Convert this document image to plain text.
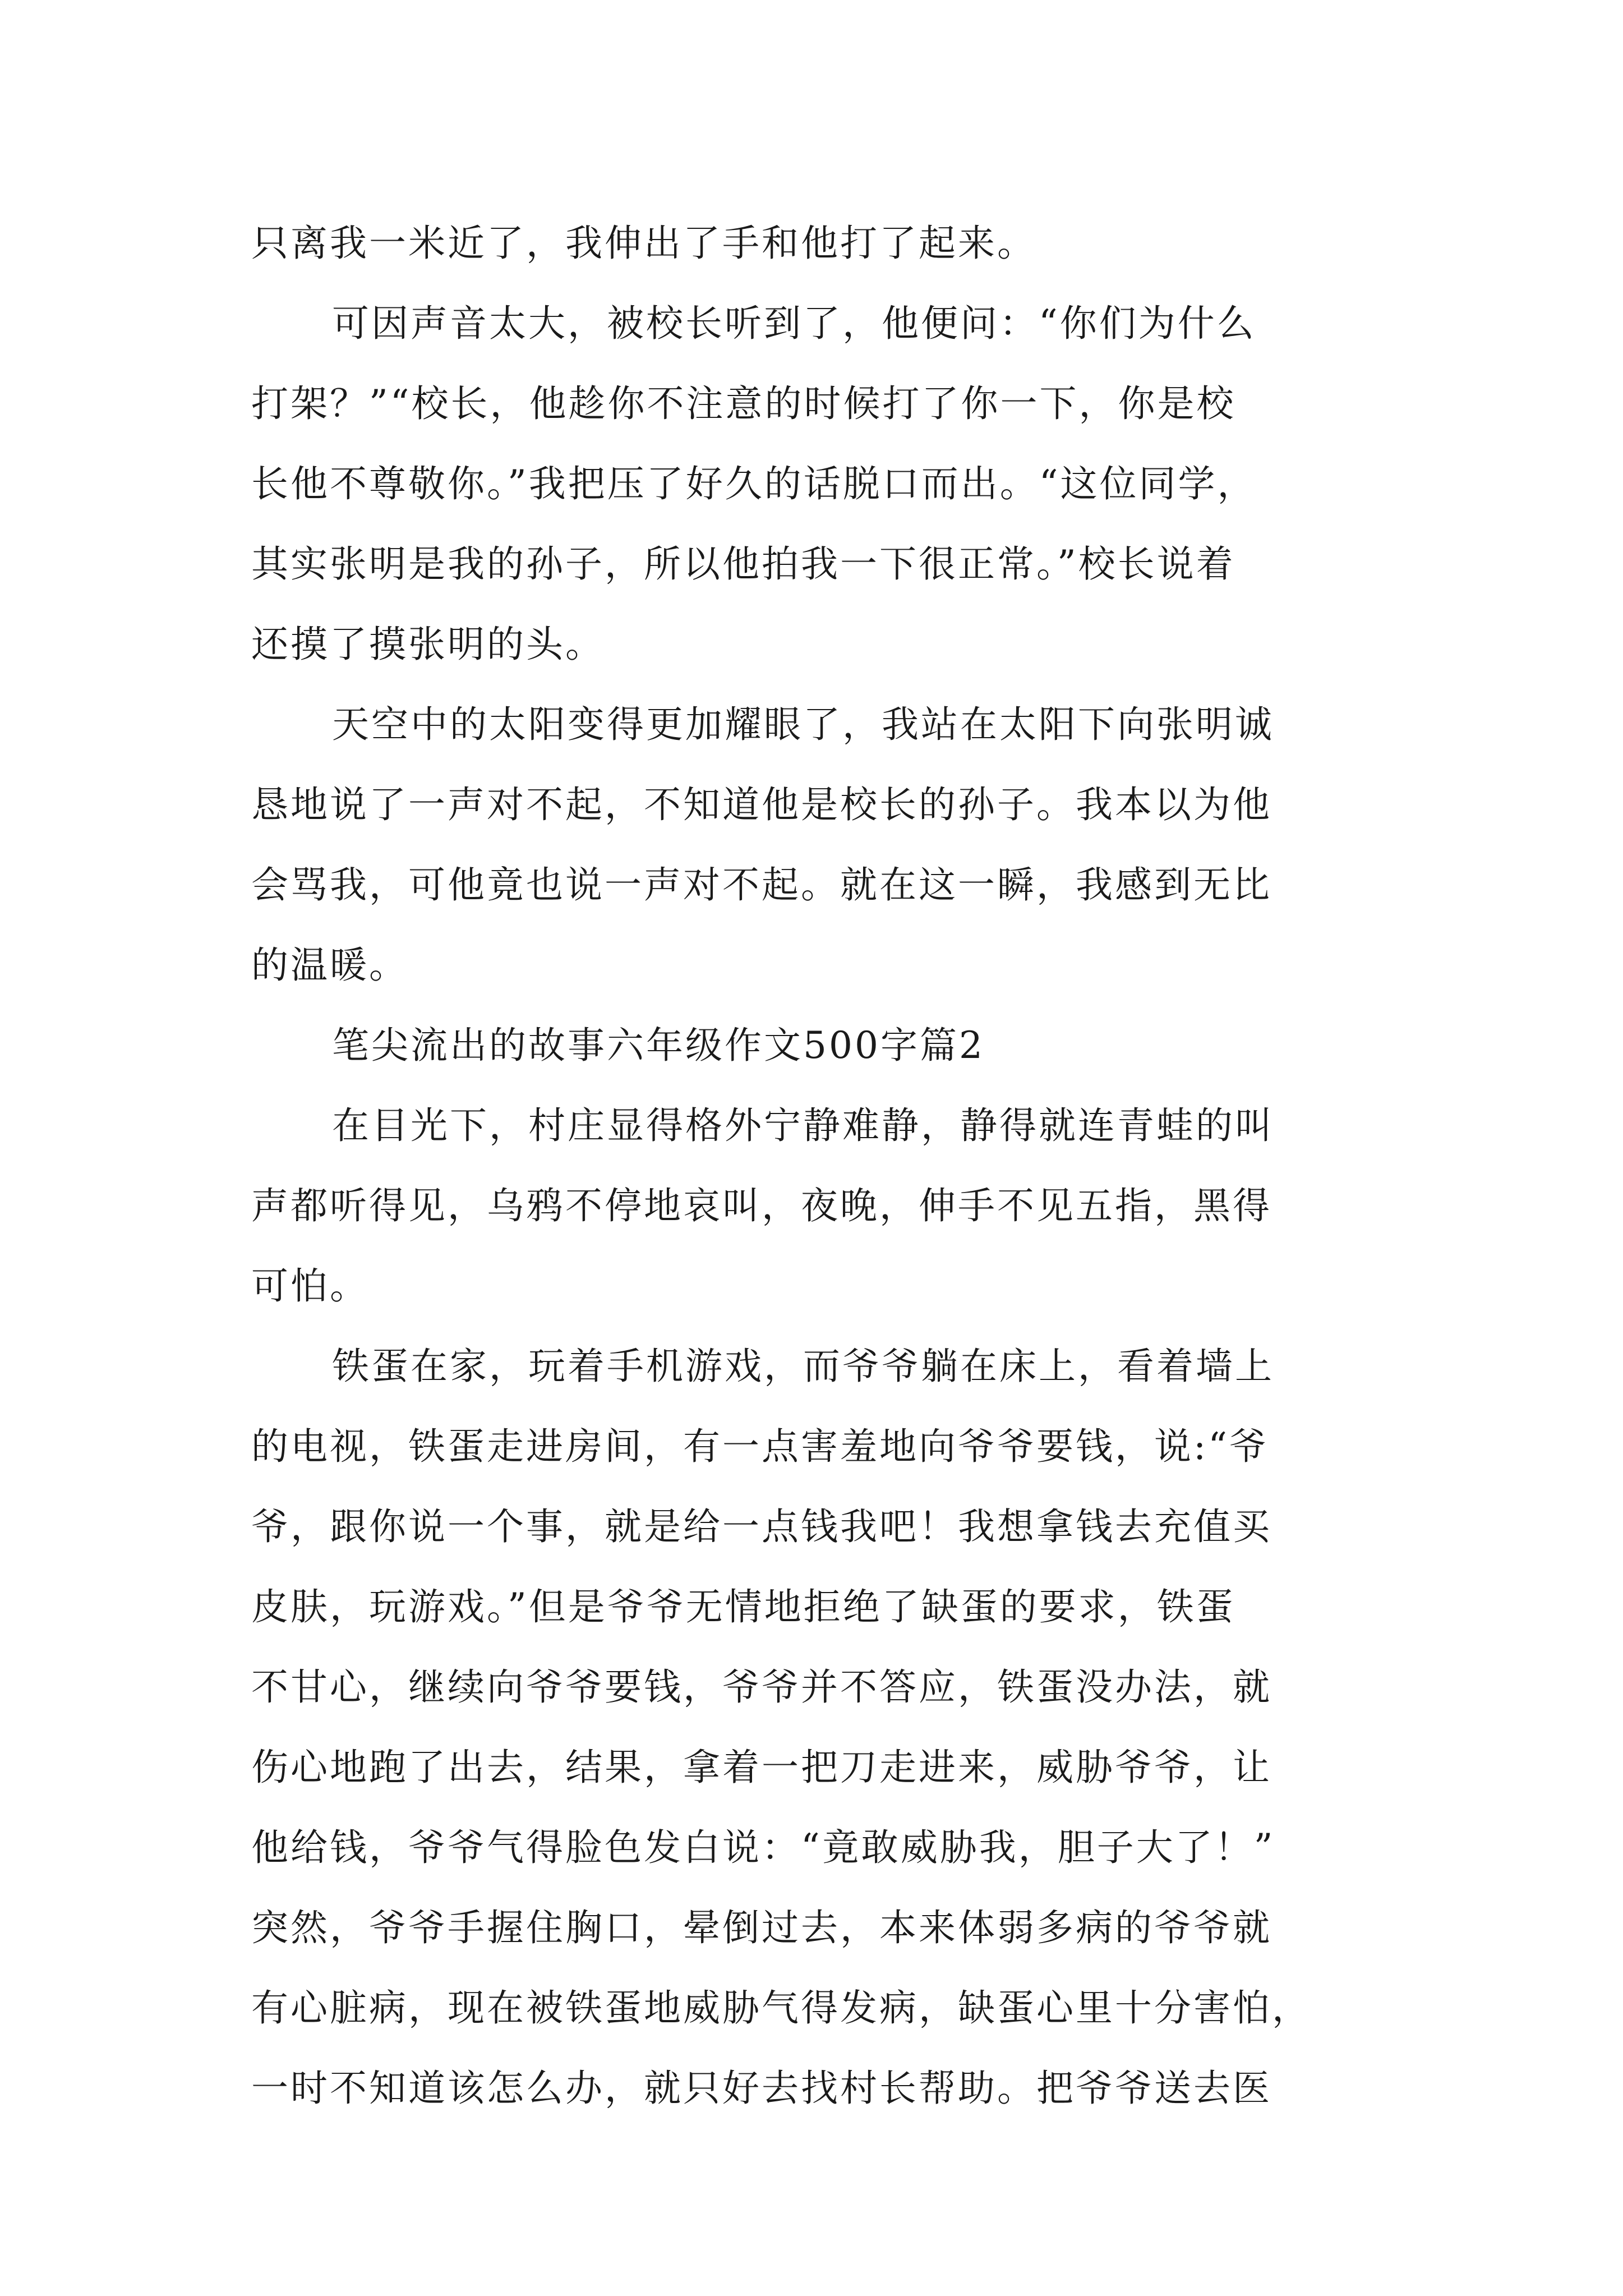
只离我一米近了，我伸出了手和他打了起来。
可因声音太大，被校长听到了，他便问：“你们为什么
打架？”“校长，他趁你不注意的时候打了你一下，你是校
长他不尊敬你。”我把压了好久的话脱口而出。“这位同学，
其实张明是我的孙子，所以他拍我一下很正常。”校长说着
还摸了摸张明的头。
天空中的太阳变得更加耀眼了，我站在太阳下向张明诚
恳地说了一声对不起，不知道他是校长的孙子。我本以为他
会骂我，可他竟也说一声对不起。就在这一瞬，我感到无比
的温暖。
笔尖流出的故事六年级作文500字篇2
在目光下，村庄显得格外宁静难静，静得就连青蛙的叫
声都听得见，乌鸦不停地哀叫，夜晚，伸手不见五指，黑得
可怕。
铁蛋在家，玩着手机游戏，而爷爷躺在床上，看着墙上
的电视，铁蛋走进房间，有一点害羞地向爷爷要钱，说:“爷
爷，跟你说一个事，就是给一点钱我吧！我想拿钱去充值买
皮肤，玩游戏。”但是爷爷无情地拒绝了缺蛋的要求，铁蛋
不甘心，继续向爷爷要钱，爷爷并不答应，铁蛋没办法，就
伤心地跑了出去，结果，拿着一把刀走进来，威胁爷爷，让
他给钱，爷爷气得脸色发白说：“竟敢威胁我，胆子大了！”
突然，爷爷手握住胸口，晕倒过去，本来体弱多病的爷爷就
有心脏病，现在被铁蛋地威胁气得发病，缺蛋心里十分害怕，
一时不知道该怎么办，就只好去找村长帮助。把爷爷送去医
